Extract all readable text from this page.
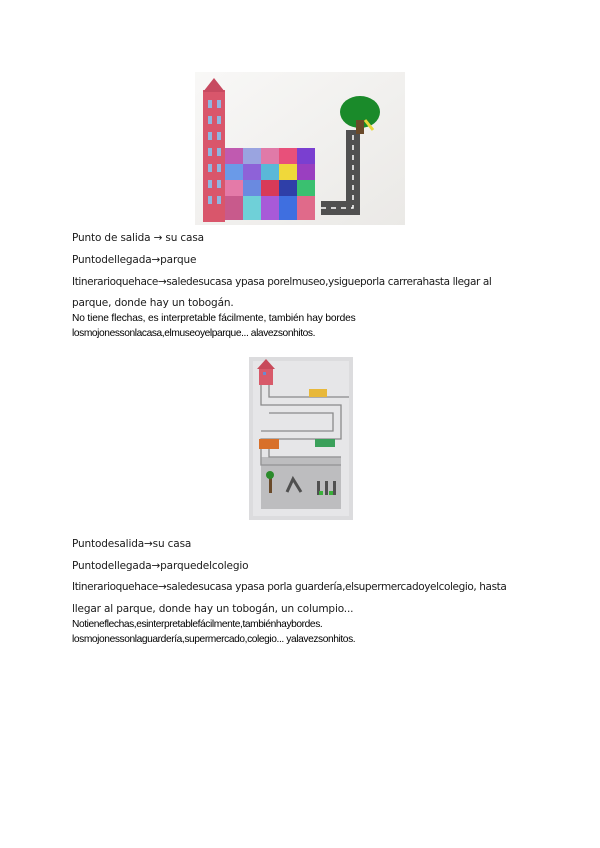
Punto de salida → su casa
Puntodellegada→parque
Itinerarioquehace→saledesucasa ypasa porelmuseo,ysigueporla carrerahasta llegar al
parque, donde hay un tobogán.
No tiene flechas, es interpretable fácilmente, también hay bordes
losmojonessonlacasa,elmuseoyelparque... alavezsonhitos.
Puntodesalida→su casa
Puntodellegada→parquedelcolegio
Itinerarioquehace→saledesucasa ypasa porla guardería,elsupermercadoyelcolegio, hasta
llegar al parque, donde hay un tobogán, un columpio...
Notieneflechas,esinterpretablefácilmente,tambiénhaybordes.
losmojonessonlaguardería,supermercado,colegio... yalavezsonhitos.
